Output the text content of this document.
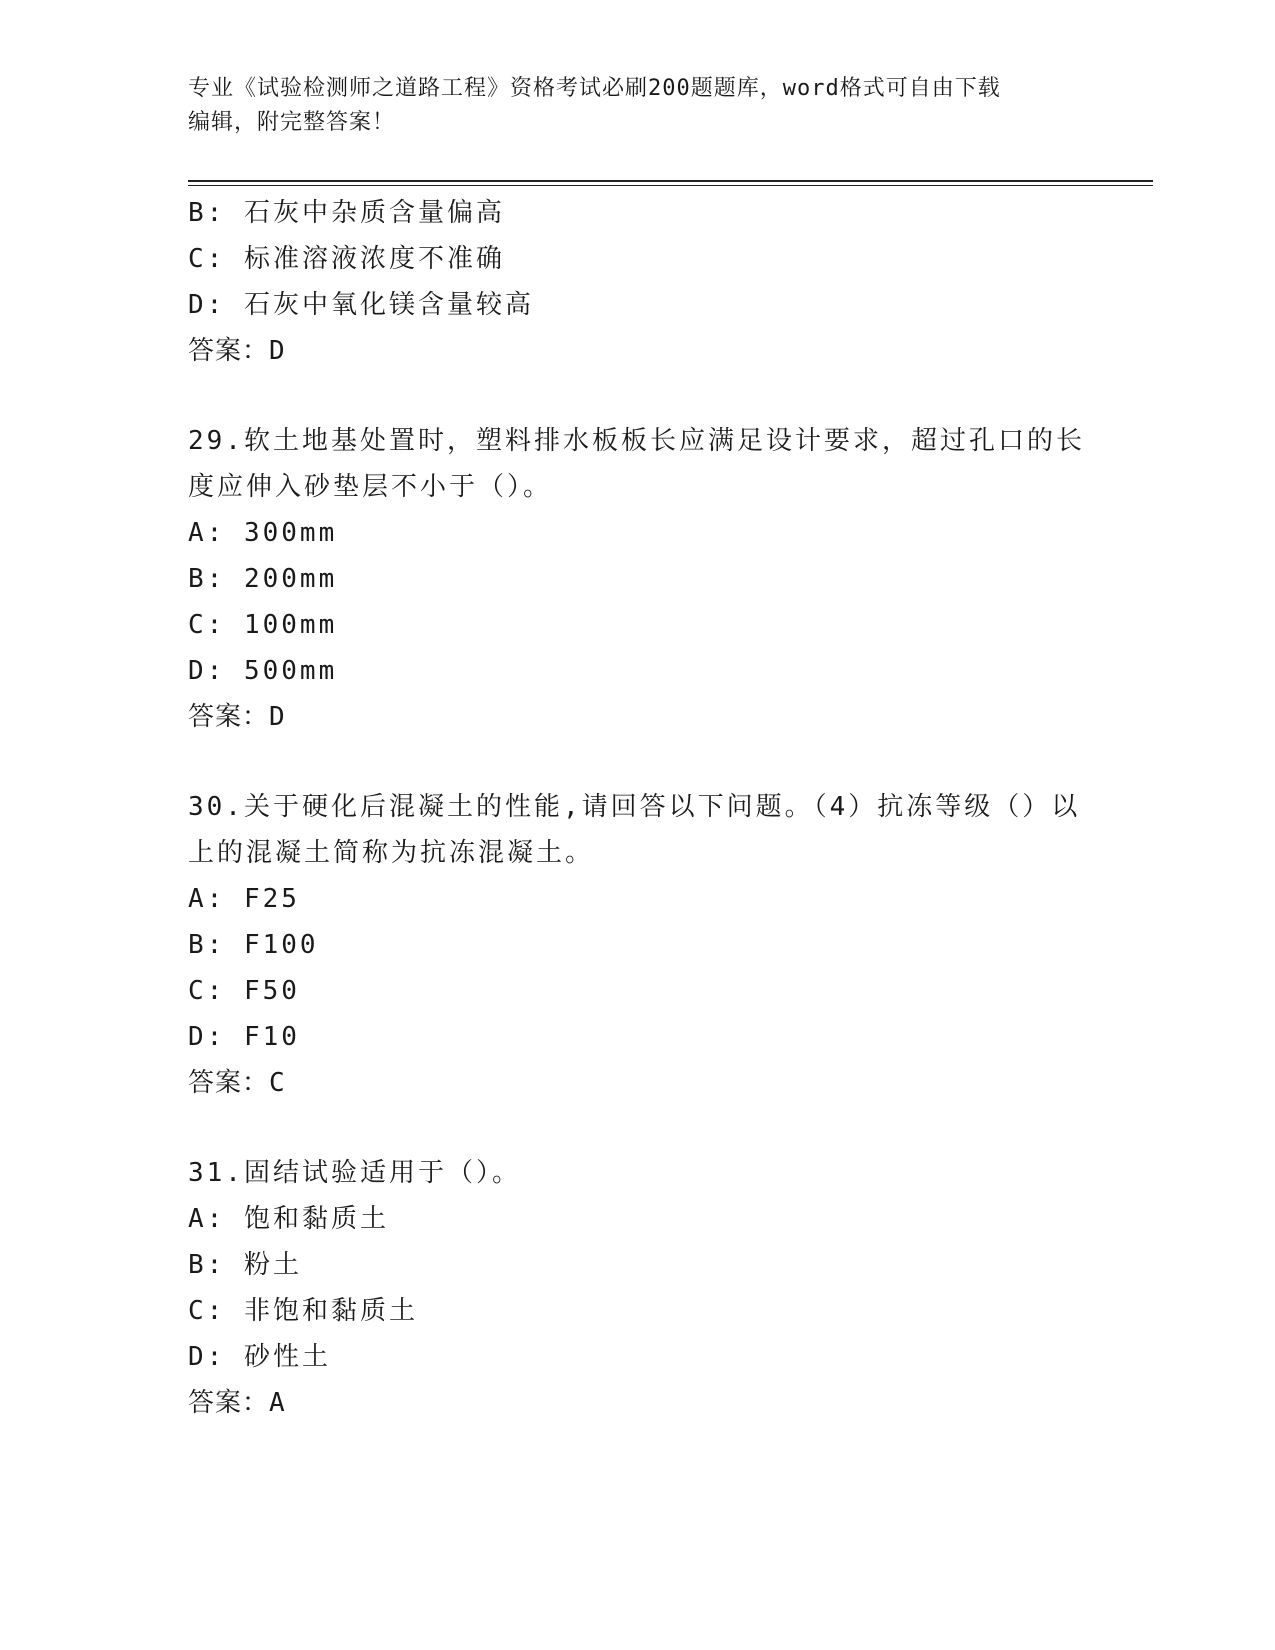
专业《试验检测师之道路工程》资格考试必刷200题题库，word格式可自由下载
编辑，附完整答案！
B: 石灰中杂质含量偏高
C: 标准溶液浓度不准确
D: 石灰中氧化镁含量较高
答案：D
29.软土地基处置时，塑料排水板板长应满足设计要求，超过孔口的长
度应伸入砂垫层不小于（）。
A: 300mm
B: 200mm
C: 100mm
D: 500mm
答案：D
30.关于硬化后混凝土的性能,请回答以下问题。（4）抗冻等级（）以
上的混凝土简称为抗冻混凝土。
A: F25
B: F100
C: F50
D: F10
答案：C
31.固结试验适用于（）。
A: 饱和黏质土
B: 粉土
C: 非饱和黏质土
D: 砂性土
答案：A
